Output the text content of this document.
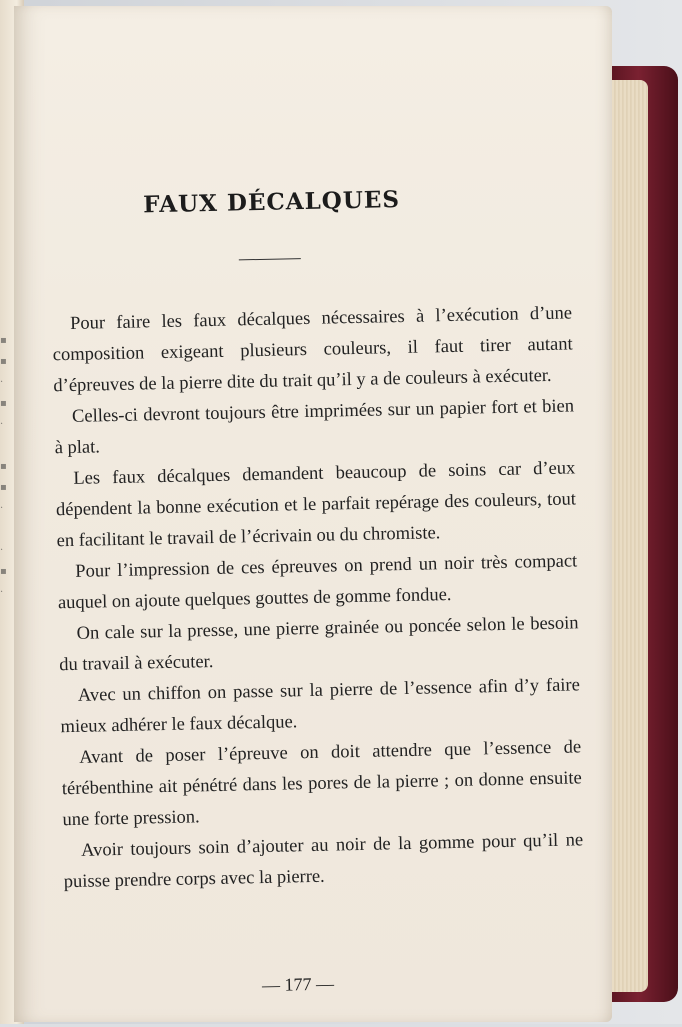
▪
▪
·
▪
·

▪
▪
·

·
▪
·
FAUX DÉCALQUES

Pour faire les faux décalques nécessaires à l’exécution d’une composition exigeant plusieurs couleurs, il faut tirer autant d’épreuves de la pierre dite du trait qu’il y a de couleurs à exécuter.

Celles-ci devront toujours être imprimées sur un papier fort et bien à plat.

Les faux décalques demandent beaucoup de soins car d’eux dépendent la bonne exécution et le parfait repérage des couleurs, tout en facilitant le travail de l’écrivain ou du chromiste.

Pour l’impression de ces épreuves on prend un noir très compact auquel on ajoute quelques gouttes de gomme fondue.

On cale sur la presse, une pierre grainée ou poncée selon le besoin du travail à exécuter.

Avec un chiffon on passe sur la pierre de l’essence afin d’y faire mieux adhérer le faux décalque.

Avant de poser l’épreuve on doit attendre que l’essence de térébenthine ait pénétré dans les pores de la pierre ; on donne ensuite une forte pression.

Avoir toujours soin d’ajouter au noir de la gomme pour qu’il ne puisse prendre corps avec la pierre.

— 177 —
